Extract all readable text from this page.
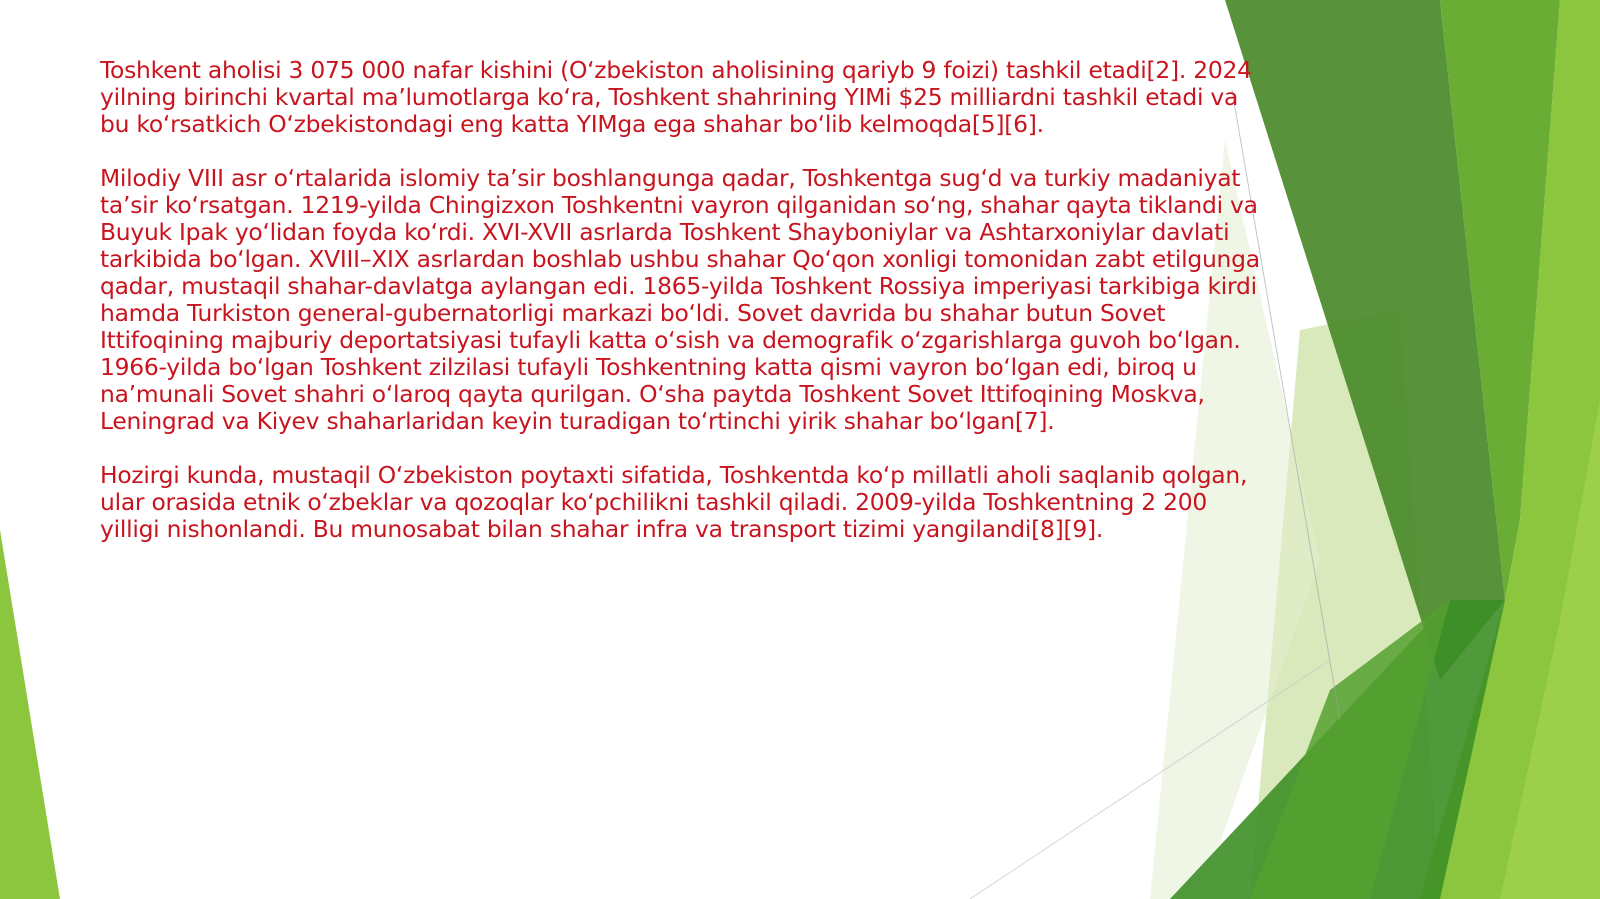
Toshkent aholisi 3 075 000 nafar kishini (O‘zbekiston aholisining qariyb 9 foizi) tashkil etadi[2]. 2024 yilning birinchi kvartal ma’lumotlarga ko‘ra, Toshkent shahrining YIMi $25 milliardni tashkil etadi va bu ko‘rsatkich O‘zbekistondagi eng katta YIMga ega shahar bo‘lib kelmoqda[5][6].

Milodiy VIII asr o‘rtalarida islomiy ta’sir boshlangunga qadar, Toshkentga sug‘d va turkiy madaniyat ta’sir ko‘rsatgan. 1219-yilda Chingizxon Toshkentni vayron qilganidan so‘ng, shahar qayta tiklandi va Buyuk Ipak yo‘lidan foyda ko‘rdi. XVI-XVII asrlarda Toshkent Shayboniylar va Ashtarxoniylar davlati tarkibida bo‘lgan. XVIII–XIX asrlardan boshlab ushbu shahar Qo‘qon xonligi tomonidan zabt etilgunga qadar, mustaqil shahar-davlatga aylangan edi. 1865-yilda Toshkent Rossiya imperiyasi tarkibiga kirdi hamda Turkiston general-gubernatorligi markazi bo‘ldi. Sovet davrida bu shahar butun Sovet Ittifoqining majburiy deportatsiyasi tufayli katta o‘sish va demografik o‘zgarishlarga guvoh bo‘lgan. 1966-yilda bo‘lgan Toshkent zilzilasi tufayli Toshkentning katta qismi vayron bo‘lgan edi, biroq u na’munali Sovet shahri o‘laroq qayta qurilgan. O‘sha paytda Toshkent Sovet Ittifoqining Moskva, Leningrad va Kiyev shaharlaridan keyin turadigan to‘rtinchi yirik shahar bo‘lgan[7].

Hozirgi kunda, mustaqil O‘zbekiston poytaxti sifatida, Toshkentda ko‘p millatli aholi saqlanib qolgan, ular orasida etnik o‘zbeklar va qozoqlar ko‘pchilikni tashkil qiladi. 2009-yilda Toshkentning 2 200 yilligi nishonlandi. Bu munosabat bilan shahar infra va transport tizimi yangilandi[8][9].
